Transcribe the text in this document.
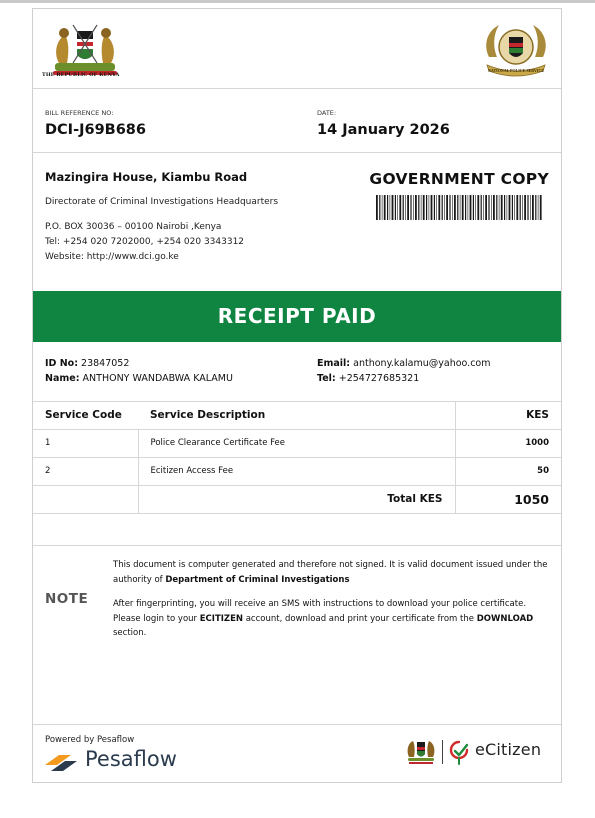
THE REPUBLIC OF KENYA
NATIONAL POLICE SERVICE
BILL REFERENCE NO:
DCI-J69B686
DATE:
14 January 2026
Mazingira House, Kiambu Road
Directorate of Criminal Investigations Headquarters
P.O. BOX 30036 – 00100 Nairobi ,Kenya
Tel: +254 020 7202000, +254 020 3343312
Website: http://www.dci.go.ke
GOVERNMENT COPY
RECEIPT PAID
ID No: 23847052
Name: ANTHONY WANDABWA KALAMU
Email: anthony.kalamu@yahoo.com
Tel: +254727685321
Service Code	Service Description	KES
1	Police Clearance Certificate Fee	1000
2	Ecitizen Access Fee	50
	Total KES	1050

NOTE
This document is computer generated and therefore not signed. It is valid document issued under the authority of Department of Criminal Investigations
After fingerprinting, you will receive an SMS with instructions to download your police certificate. Please login to your ECITIZEN account, download and print your certificate from the DOWNLOAD section.
Powered by Pesaflow
Pesaflow	eCitizen
